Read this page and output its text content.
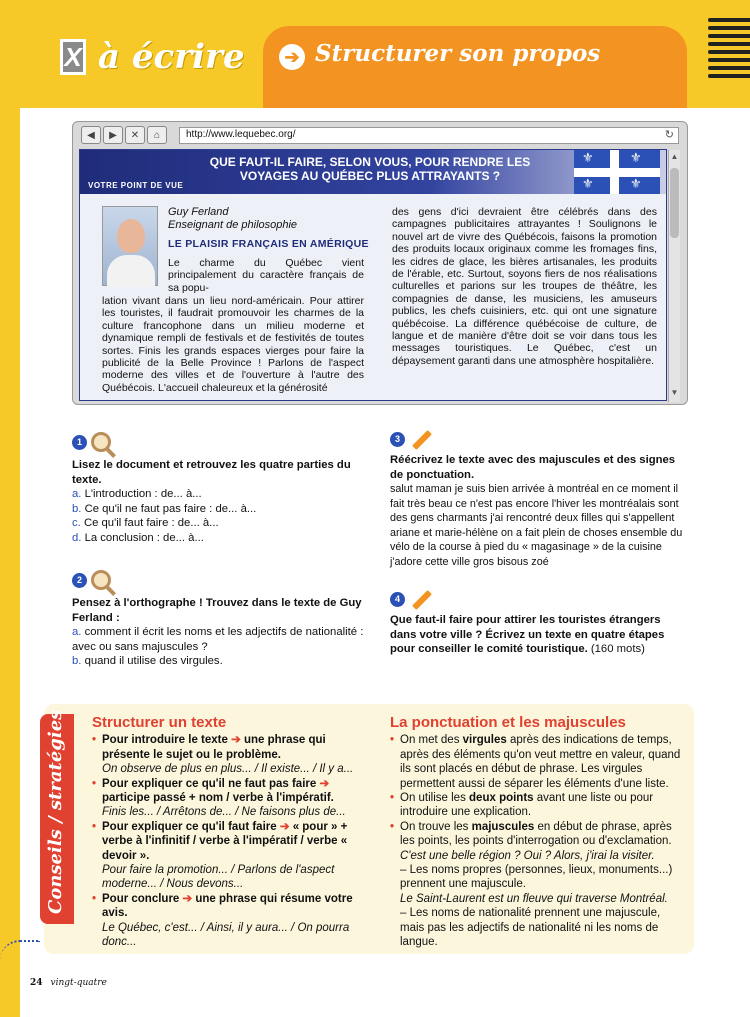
X à écrire	➔ Structurer son propos
◀	▶	✕	⌂	http://www.lequebec.org/	↻
QUE FAUT-IL FAIRE, SELON VOUS, POUR RENDRE LES VOYAGES AU QUÉBEC PLUS ATTRAYANTS ?
VOTRE POINT DE VUE
⚜	⚜
⚜	⚜
Guy Ferland
Enseignant de philosophie
LE PLAISIR FRANÇAIS EN AMÉRIQUE
Le charme du Québec vient principalement du caractère français de sa popu-
lation vivant dans un lieu nord-américain. Pour attirer les touristes, il faudrait promouvoir les charmes de la culture francophone dans un milieu moderne et dynamique rempli de festivals et de festivités de toutes sortes. Finis les grands espaces vierges pour faire la publicité de la Belle Province ! Parlons de l'aspect moderne des villes et de l'ouverture à l'autre des Québécois. L'accueil chaleureux et la générosité
des gens d'ici devraient être célébrés dans des campagnes publicitaires attrayantes ! Soulignons le nouvel art de vivre des Québécois, faisons la promotion des produits locaux originaux comme les fromages fins, les cidres de glace, les bières artisanales, les produits de l'érable, etc. Surtout, soyons fiers de nos réalisations culturelles et parions sur les troupes de théâtre, les compagnies de danse, les musiciens, les amuseurs publics, les chefs cuisiniers, etc. qui ont une signature québécoise. La différence québécoise de culture, de langue et de manière d'être doit se voir dans tous les messages touristiques. Le Québec, c'est un dépaysement garanti dans une atmosphère hospitalière.
▲
▼
1
Lisez le document et retrouvez les quatre parties du texte.
a. L'introduction : de... à...
b. Ce qu'il ne faut pas faire : de... à...
c. Ce qu'il faut faire : de... à...
d. La conclusion : de... à...
2
Pensez à l'orthographe ! Trouvez dans le texte de Guy Ferland :
a. comment il écrit les noms et les adjectifs de nationalité : avec ou sans majuscules ?
b. quand il utilise des virgules.
3
Réécrivez le texte avec des majuscules et des signes de ponctuation.
salut maman je suis bien arrivée à montréal en ce moment il fait très beau ce n'est pas encore l'hiver les montréalais sont des gens charmants j'ai rencontré deux filles qui s'appellent ariane et marie-hélène on a fait plein de choses ensemble du vélo de la course à pied du « magasinage » de la cuisine j'adore cette ville gros bisous zoé
4
Que faut-il faire pour attirer les touristes étrangers dans votre ville ? Écrivez un texte en quatre étapes pour conseiller le comité touristique. (160 mots)
Conseils / stratégies Structurer un texte
• Pour introduire le texte ➔ une phrase qui présente le sujet ou le problème.
On observe de plus en plus... / Il existe... / Il y a...
• Pour expliquer ce qu'il ne faut pas faire ➔ participe passé + nom / verbe à l'impératif.
Finis les... / Arrêtons de... / Ne faisons plus de...
• Pour expliquer ce qu'il faut faire ➔ « pour » + verbe à l'infinitif / verbe à l'impératif / verbe « devoir ».
Pour faire la promotion... / Parlons de l'aspect moderne... / Nous devons...
• Pour conclure ➔ une phrase qui résume votre avis.
Le Québec, c'est... / Ainsi, il y aura... / On pourra donc...
La ponctuation et les majuscules
• On met des virgules après des indications de temps, après des éléments qu'on veut mettre en valeur, quand ils sont placés en début de phrase. Les virgules permettent aussi de séparer les éléments d'une liste.
• On utilise les deux points avant une liste ou pour introduire une explication.
• On trouve les majuscules en début de phrase, après les points, les points d'interrogation ou d'exclamation.
C'est une belle région ? Oui ? Alors, j'irai la visiter.
– Les noms propres (personnes, lieux, monuments...) prennent une majuscule.
Le Saint-Laurent est un fleuve qui traverse Montréal.
– Les noms de nationalité prennent une majuscule, mais pas les adjectifs de nationalité ni les noms de langue.
24 vingt-quatre
